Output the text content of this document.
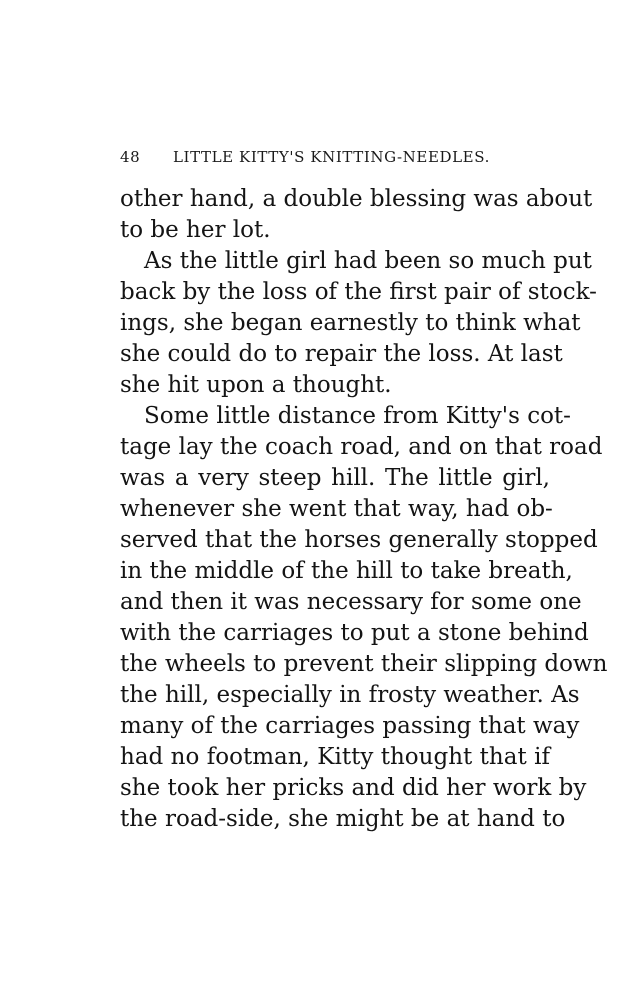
48 LITTLE KITTY'S KNITTING-NEEDLES.
other hand, a double blessing was about
to be her lot.
As the little girl had been so much put
back by the loss of the first pair of stock-
ings, she began earnestly to think what
she could do to repair the loss. At last
she hit upon a thought.
Some little distance from Kitty's cot-
tage lay the coach road, and on that road
was a very steep hill. The little girl,
whenever she went that way, had ob-
served that the horses generally stopped
in the middle of the hill to take breath,
and then it was necessary for some one
with the carriages to put a stone behind
the wheels to prevent their slipping down
the hill, especially in frosty weather. As
many of the carriages passing that way
had no footman, Kitty thought that if
she took her pricks and did her work by
the road-side, she might be at hand to
